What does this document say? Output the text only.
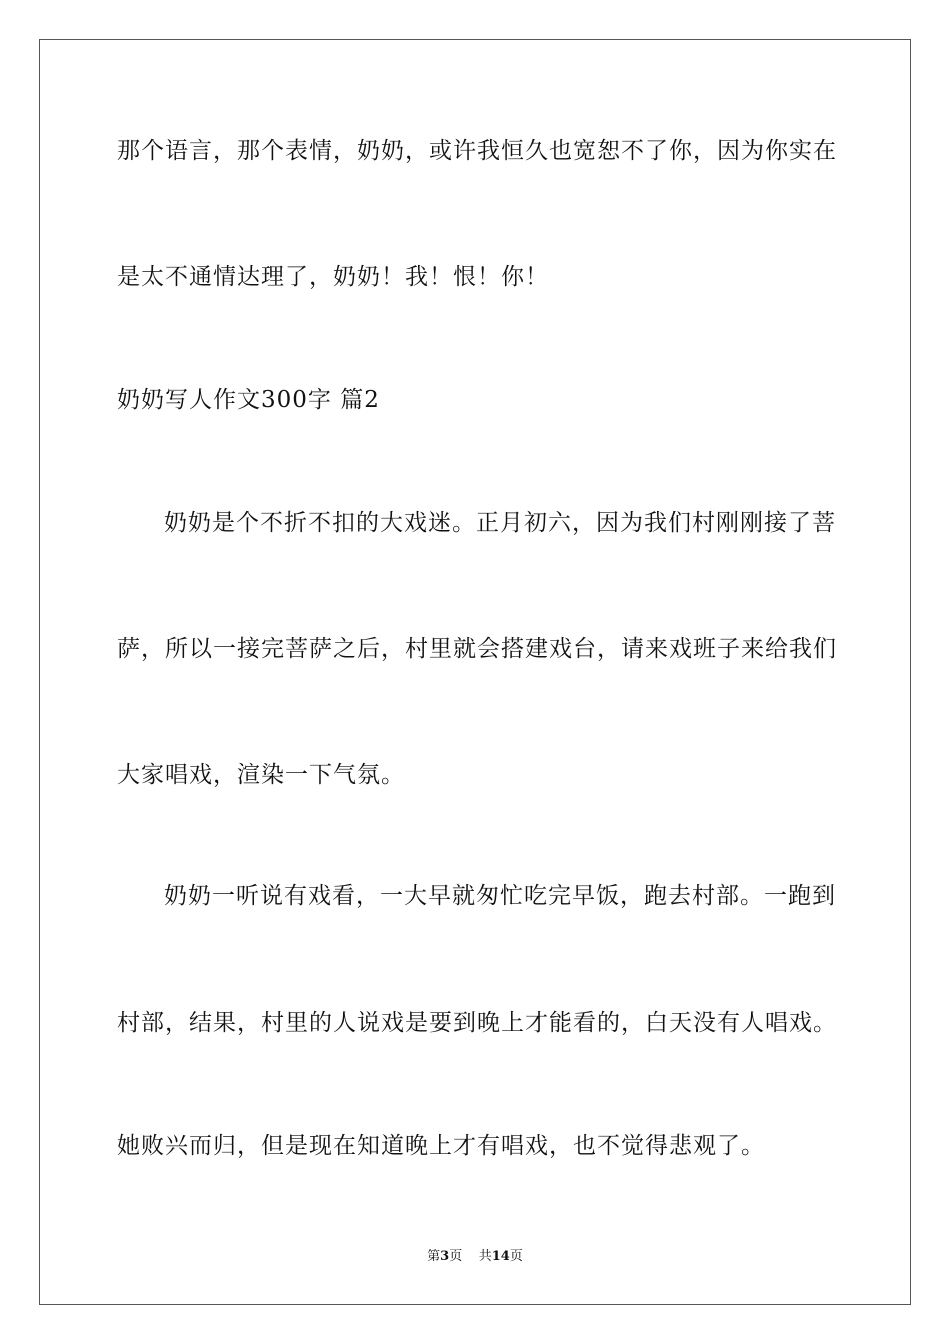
那个语言，那个表情，奶奶，或许我恒久也宽恕不了你，因为你实在
是太不通情达理了，奶奶！我！恨！你！
奶奶写人作文300字 篇2
奶奶是个不折不扣的大戏迷。正月初六，因为我们村刚刚接了菩
萨，所以一接完菩萨之后，村里就会搭建戏台，请来戏班子来给我们
大家唱戏，渲染一下气氛。
奶奶一听说有戏看，一大早就匆忙吃完早饭，跑去村部。一跑到
村部，结果，村里的人说戏是要到晚上才能看的，白天没有人唱戏。
她败兴而归，但是现在知道晚上才有唱戏，也不觉得悲观了。
第3页 共14页
